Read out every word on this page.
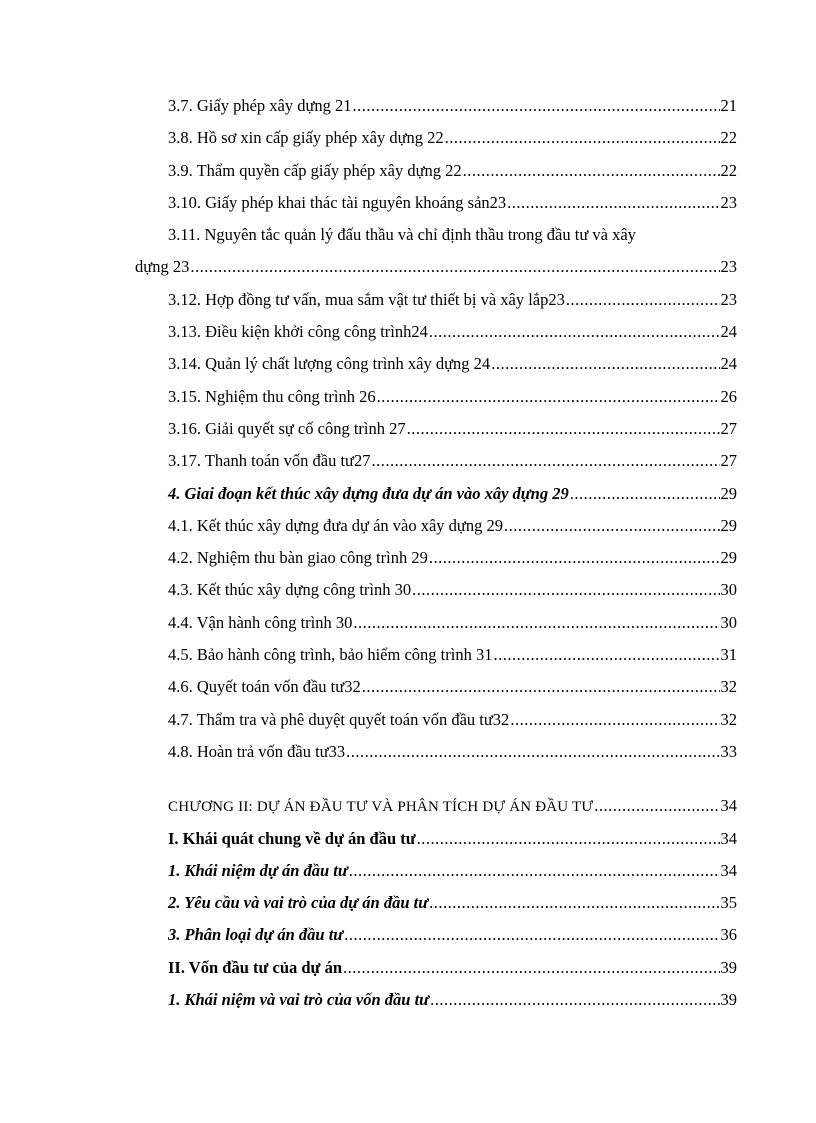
3.7. Giấy phép xây dựng 21 .....	21
3.8. Hồ sơ xin cấp giấy phép xây dựng 22 .....	22
3.9. Thẩm quyền cấp giấy phép xây dựng 22 .....	22
3.10. Giấy phép khai thác tài nguyên khoáng sản23 .....	23
3.11. Nguyên tắc quản lý đấu thầu và chỉ định thầu trong đầu tư và xây
dựng 23 .....	23
3.12. Hợp đồng tư vấn, mua sắm vật tư thiết bị và xây lắp23 .....	23
3.13. Điều kiện khởi công công trình24 .....	24
3.14. Quản lý chất lượng công trình xây dựng 24 .....	24
3.15. Nghiệm thu công trình 26 .....	26
3.16. Giải quyết sự cố công trình 27 .....	27
3.17. Thanh toán vốn đầu tư27 .....	27
4. Giai đoạn kết thúc xây dựng đưa dự án vào xây dựng 29 .....	29
4.1. Kết thúc xây dựng đưa dự án vào xây dựng 29 .....	29
4.2. Nghiệm thu bàn giao công trình 29 .....	29
4.3. Kết thúc xây dựng công trình 30 .....	30
4.4. Vận hành công trình 30 .....	30
4.5. Bảo hành công trình, bảo hiểm công trình 31 .....	31
4.6. Quyết toán vốn đầu tư32 .....	32
4.7. Thẩm tra và phê duyệt quyết toán vốn đầu tư32 .....	32
4.8. Hoàn trả vốn đầu tư33 .....	33
CHƯƠNG II: DỰ ÁN ĐẦU TƯ VÀ PHÂN TÍCH DỰ ÁN ĐẦU TƯ .....	34
I. Khái quát chung về dự án đầu tư .....	34
1. Khái niệm dự án đầu tư .....	34
2. Yêu cầu và vai trò của dự án đầu tư .....	35
3. Phân loại dự án đầu tư .....	36
II. Vốn đầu tư của dự án .....	39
1. Khái niệm và vai trò của vốn đầu tư .....	39
